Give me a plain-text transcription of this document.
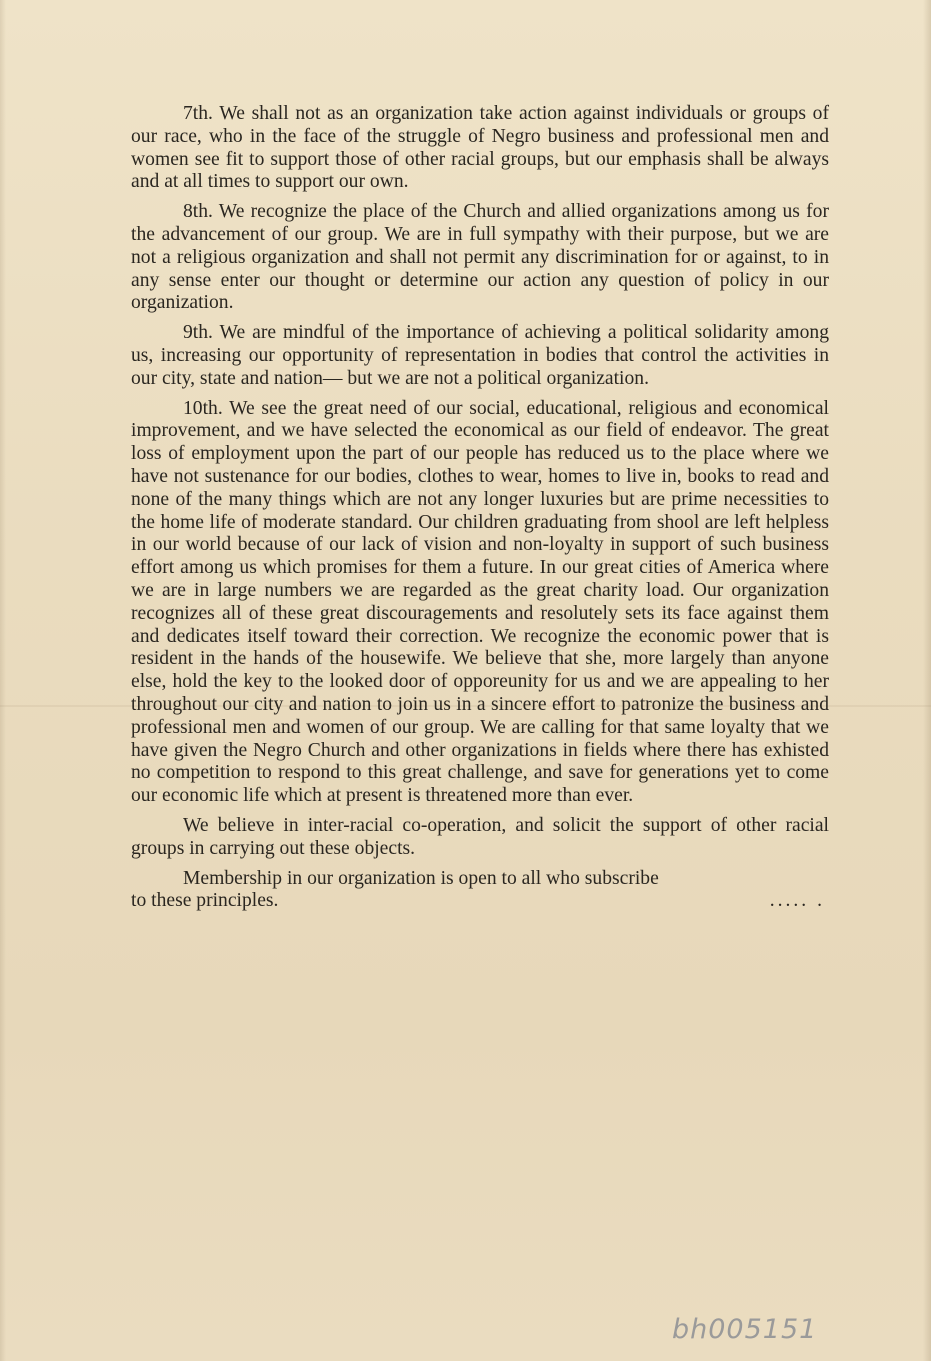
7th. We shall not as an organization take action against individuals or groups of our race, who in the face of the struggle of Negro business and professional men and women see fit to support those of other racial groups, but our emphasis shall be always and at all times to support our own.

8th. We recognize the place of the Church and allied organizations among us for the advancement of our group. We are in full sympathy with their purpose, but we are not a religious organization and shall not permit any discrimination for or against, to in any sense enter our thought or determine our action any question of policy in our organization.

9th. We are mindful of the importance of achieving a political solidarity among us, increasing our opportunity of representation in bodies that control the activities in our city, state and nation— but we are not a political organization.

10th. We see the great need of our social, educational, religious and economical improvement, and we have selected the economical as our field of endeavor. The great loss of employment upon the part of our people has reduced us to the place where we have not sustenance for our bodies, clothes to wear, homes to live in, books to read and none of the many things which are not any longer luxuries but are prime necessities to the home life of moderate standard. Our children graduating from shool are left helpless in our world because of our lack of vision and non-loyalty in support of such business effort among us which promises for them a future. In our great cities of America where we are in large numbers we are regarded as the great charity load. Our organization recognizes all of these great discouragements and resolutely sets its face against them and dedicates itself toward their correction. We recognize the economic power that is resident in the hands of the housewife. We believe that she, more largely than anyone else, hold the key to the looked door of opporeunity for us and we are appealing to her throughout our city and nation to join us in a sincere effort to patronize the business and professional men and women of our group. We are calling for that same loyalty that we have given the Negro Church and other organizations in fields where there has exhisted no competition to respond to this great challenge, and save for generations yet to come our economic life which at present is threatened more than ever.

We believe in inter-racial co-operation, and solicit the support of other racial groups in carrying out these objects.

Membership in our organization is open to all who subscribe

to these principles.	..... .
bh005151
